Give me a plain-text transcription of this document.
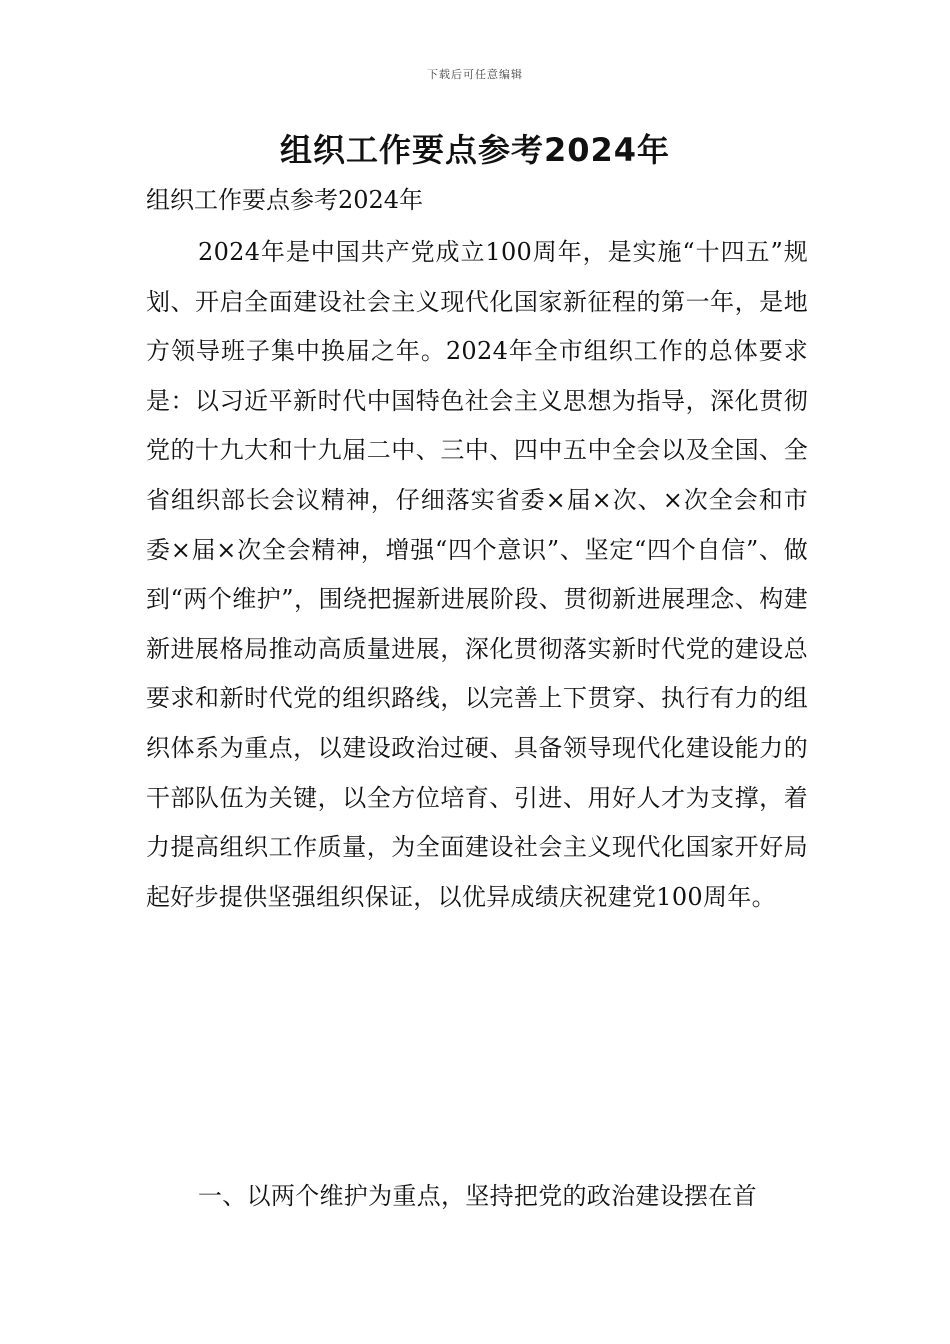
下载后可任意编辑
组织工作要点参考2024年

组织工作要点参考2024年

2024年是中国共产党成立100周年，是实施“十四五”规划、开启全面建设社会主义现代化国家新征程的第一年，是地方领导班子集中换届之年。2024年全市组织工作的总体要求是：以习近平新时代中国特色社会主义思想为指导，深化贯彻党的十九大和十九届二中、三中、四中五中全会以及全国、全省组织部长会议精神，仔细落实省委×届×次、×次全会和市委×届×次全会精神，增强“四个意识”、坚定“四个自信”、做到“两个维护”，围绕把握新进展阶段、贯彻新进展理念、构建新进展格局推动高质量进展，深化贯彻落实新时代党的建设总要求和新时代党的组织路线，以完善上下贯穿、执行有力的组织体系为重点，以建设政治过硬、具备领导现代化建设能力的干部队伍为关键，以全方位培育、引进、用好人才为支撑，着力提高组织工作质量，为全面建设社会主义现代化国家开好局起好步提供坚强组织保证，以优异成绩庆祝建党100周年。

一、以两个维护为重点，坚持把党的政治建设摆在首
